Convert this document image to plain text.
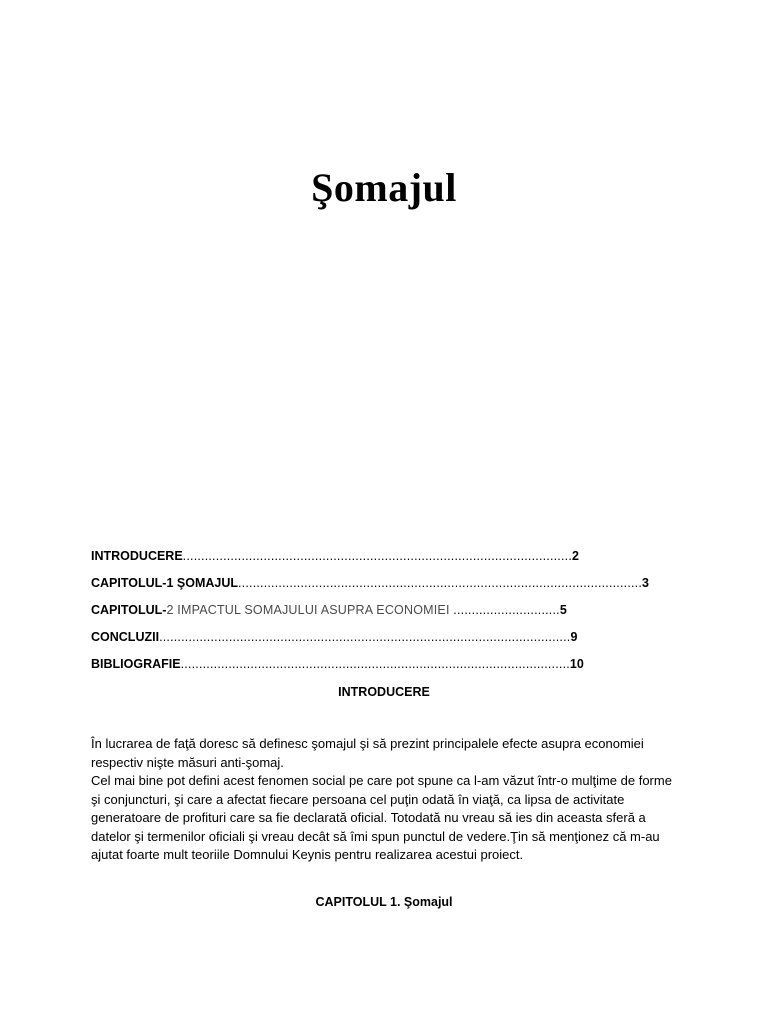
Şomajul
INTRODUCERE..........................................................................................................2
CAPITOLUL-1 ŞOMAJUL..............................................................................................................3
CAPITOLUL-2 IMPACTUL SOMAJULUI ASUPRA ECONOMIEI .............................5
CONCLUZII................................................................................................................9
BIBLIOGRAFIE..........................................................................................................10
INTRODUCERE

În lucrarea de faţă doresc să definesc şomajul şi să prezint principalele efecte asupra economiei respectiv nişte măsuri anti-şomaj.

Cel mai bine pot defini acest fenomen social pe care pot spune ca l-am văzut într-o mulţime de forme şi conjuncturi, şi care a afectat fiecare persoana cel puţin odată în viaţă, ca lipsa de activitate generatoare de profituri care sa fie declarată oficial. Totodată nu vreau să ies din aceasta sferă a datelor şi termenilor oficiali şi vreau decât să îmi spun punctul de vedere.Ţin să menţionez că m-au ajutat foarte mult teoriile Domnului Keynis pentru realizarea acestui proiect.

CAPITOLUL 1. Şomajul
